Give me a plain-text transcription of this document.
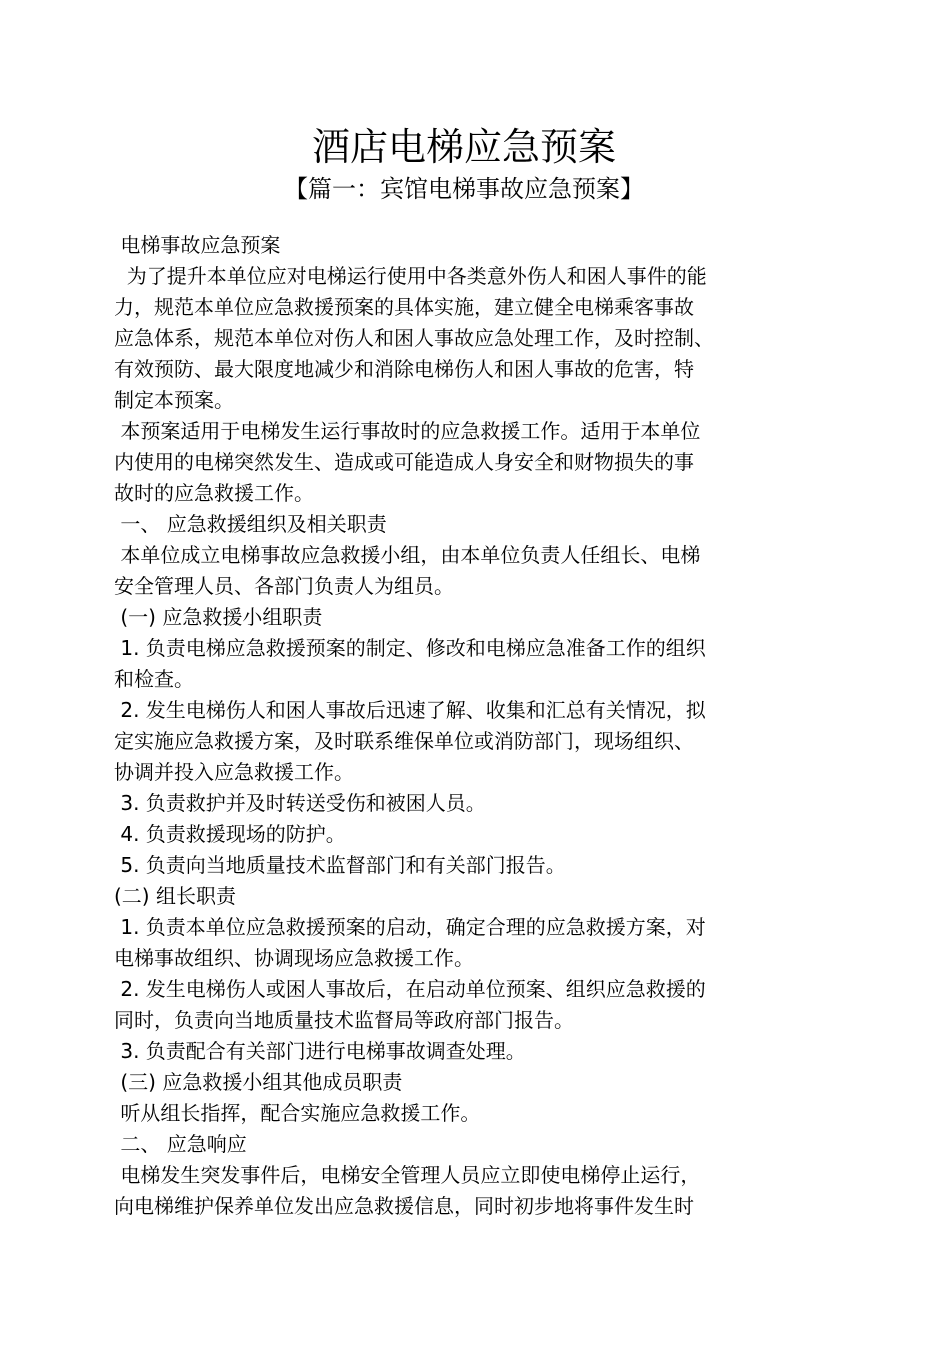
酒店电梯应急预案
【篇一：宾馆电梯事故应急预案】
电梯事故应急预案
为了提升本单位应对电梯运行使用中各类意外伤人和困人事件的能
力，规范本单位应急救援预案的具体实施，建立健全电梯乘客事故
应急体系，规范本单位对伤人和困人事故应急处理工作，及时控制、
有效预防、最大限度地减少和消除电梯伤人和困人事故的危害，特
制定本预案。
本预案适用于电梯发生运行事故时的应急救援工作。适用于本单位
内使用的电梯突然发生、造成或可能造成人身安全和财物损失的事
故时的应急救援工作。
一、 应急救援组织及相关职责
本单位成立电梯事故应急救援小组，由本单位负责人任组长、电梯
安全管理人员、各部门负责人为组员。
(一) 应急救援小组职责
1. 负责电梯应急救援预案的制定、修改和电梯应急准备工作的组织
和检查。
2. 发生电梯伤人和困人事故后迅速了解、收集和汇总有关情况，拟
定实施应急救援方案，及时联系维保单位或消防部门，现场组织、
协调并投入应急救援工作。
3. 负责救护并及时转送受伤和被困人员。
4. 负责救援现场的防护。
5. 负责向当地质量技术监督部门和有关部门报告。
(二) 组长职责
1. 负责本单位应急救援预案的启动，确定合理的应急救援方案，对
电梯事故组织、协调现场应急救援工作。
2. 发生电梯伤人或困人事故后，在启动单位预案、组织应急救援的
同时，负责向当地质量技术监督局等政府部门报告。
3. 负责配合有关部门进行电梯事故调查处理。
(三) 应急救援小组其他成员职责
听从组长指挥，配合实施应急救援工作。
二、 应急响应
电梯发生突发事件后，电梯安全管理人员应立即使电梯停止运行，
向电梯维护保养单位发出应急救援信息，同时初步地将事件发生时
